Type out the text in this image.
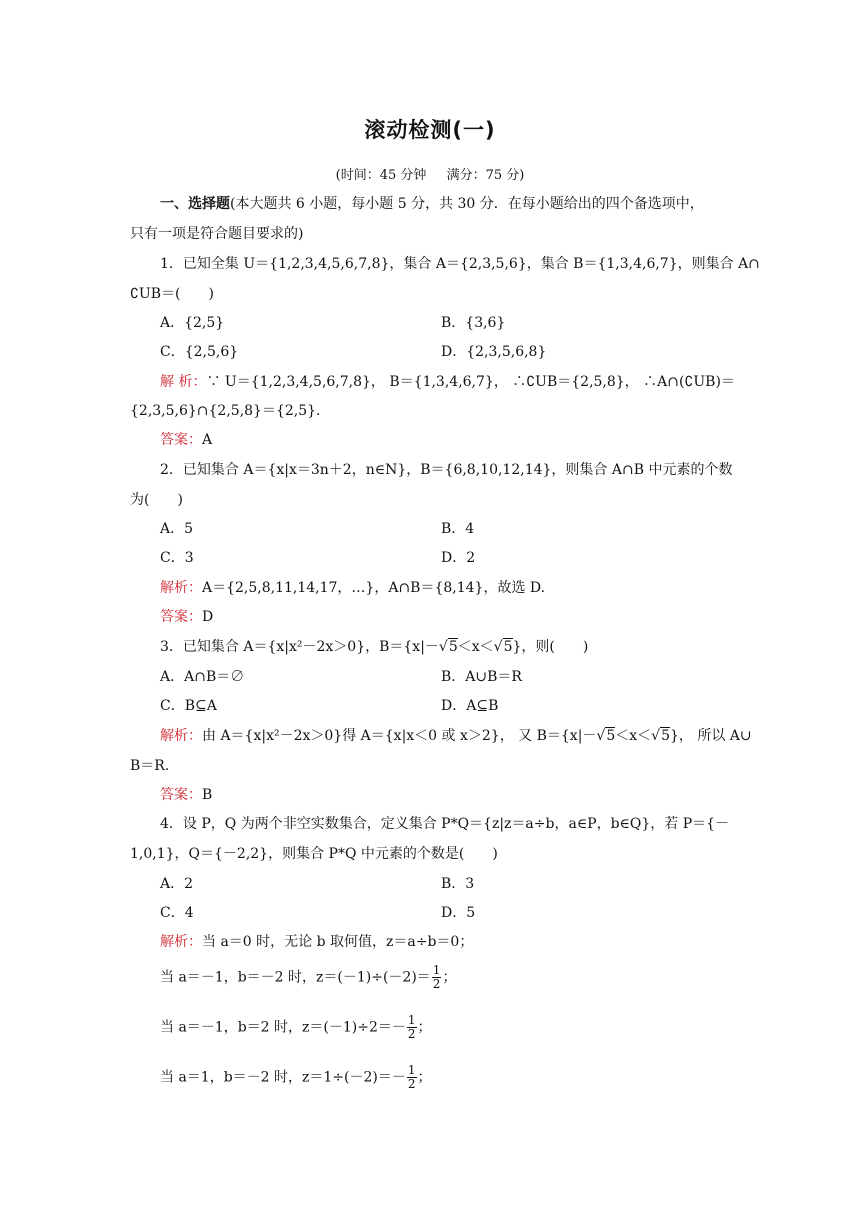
滚动检测(一)
(时间：45 分钟 满分：75 分)
一、选择题(本大题共 6 小题，每小题 5 分，共 30 分．在每小题给出的四个备选项中，
只有一项是符合题目要求的)
1．已知全集 U＝{1,2,3,4,5,6,7,8}，集合 A＝{2,3,5,6}，集合 B＝{1,3,4,6,7}，则集合 A∩
∁UB＝(　　)
A．{2,5}	B．{3,6}
C．{2,5,6}	D．{2,3,5,6,8}
解 析：∵ U＝{1,2,3,4,5,6,7,8}， B＝{1,3,4,6,7}， ∴∁UB＝{2,5,8}， ∴A∩(∁UB)＝
{2,3,5,6}∩{2,5,8}＝{2,5}．
答案：A
2．已知集合 A＝{x|x＝3n＋2，n∈N}，B＝{6,8,10,12,14}，则集合 A∩B 中元素的个数
为(　　)
A．5	B．4
C．3	D．2
解析：A＝{2,5,8,11,14,17，…}，A∩B＝{8,14}，故选 D.
答案：D
3．已知集合 A＝{x|x²－2x＞0}，B＝{x|－√5＜x＜√5}，则(　　)
A．A∩B＝∅	B．A∪B＝R
C．B⊆A	D．A⊆B
解析：由 A＝{x|x²－2x＞0}得 A＝{x|x＜0 或 x＞2}， 又 B＝{x|－√5＜x＜√5}， 所以 A∪
B＝R.
答案：B
4．设 P，Q 为两个非空实数集合，定义集合 P*Q＝{z|z＝a÷b，a∈P，b∈Q}，若 P＝{－
1,0,1}，Q＝{－2,2}，则集合 P*Q 中元素的个数是(　　)
A．2	B．3
C．4	D．5
解析：当 a＝0 时，无论 b 取何值，z＝a÷b＝0；
当 a＝－1，b＝－2 时，$z=(-1)\div(-2)= \frac{1}{2}$ ；
当 a＝－1，b＝2 时，$z=(-1)\div 2=- \frac{1}{2}$ ；
当 a＝1，b＝－2 时，$z=1\div(-2)=- \frac{1}{2}$ ；
